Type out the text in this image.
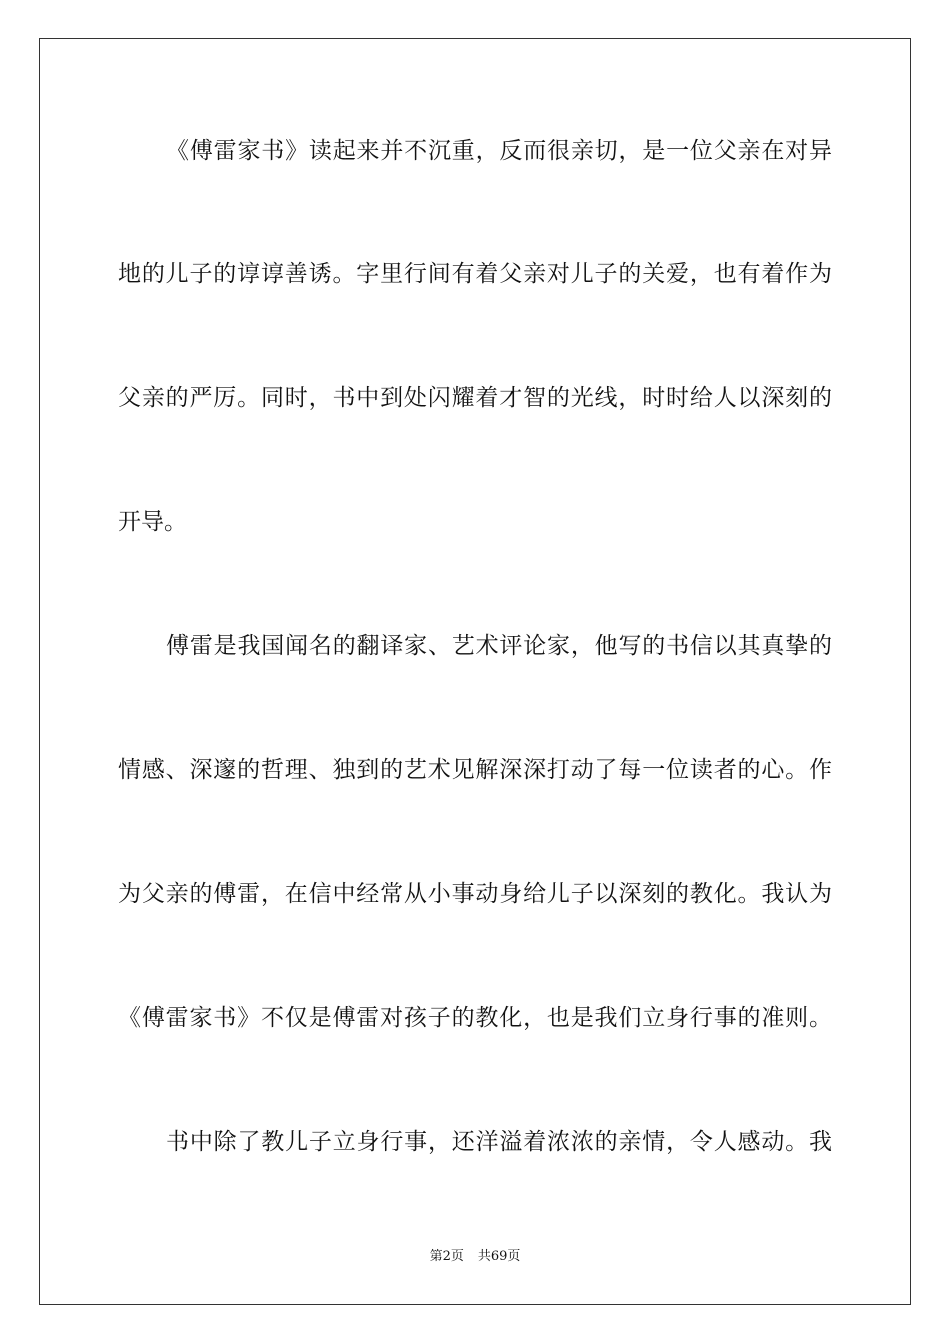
《傅雷家书》读起来并不沉重，反而很亲切，是一位父亲在对异
地的儿子的谆谆善诱。字里行间有着父亲对儿子的关爱，也有着作为
父亲的严厉。同时，书中到处闪耀着才智的光线，时时给人以深刻的
开导。
傅雷是我国闻名的翻译家、艺术评论家，他写的书信以其真挚的
情感、深邃的哲理、独到的艺术见解深深打动了每一位读者的心。作
为父亲的傅雷，在信中经常从小事动身给儿子以深刻的教化。我认为
《傅雷家书》不仅是傅雷对孩子的教化，也是我们立身行事的准则。
书中除了教儿子立身行事，还洋溢着浓浓的亲情，令人感动。我
第2页 共69页
